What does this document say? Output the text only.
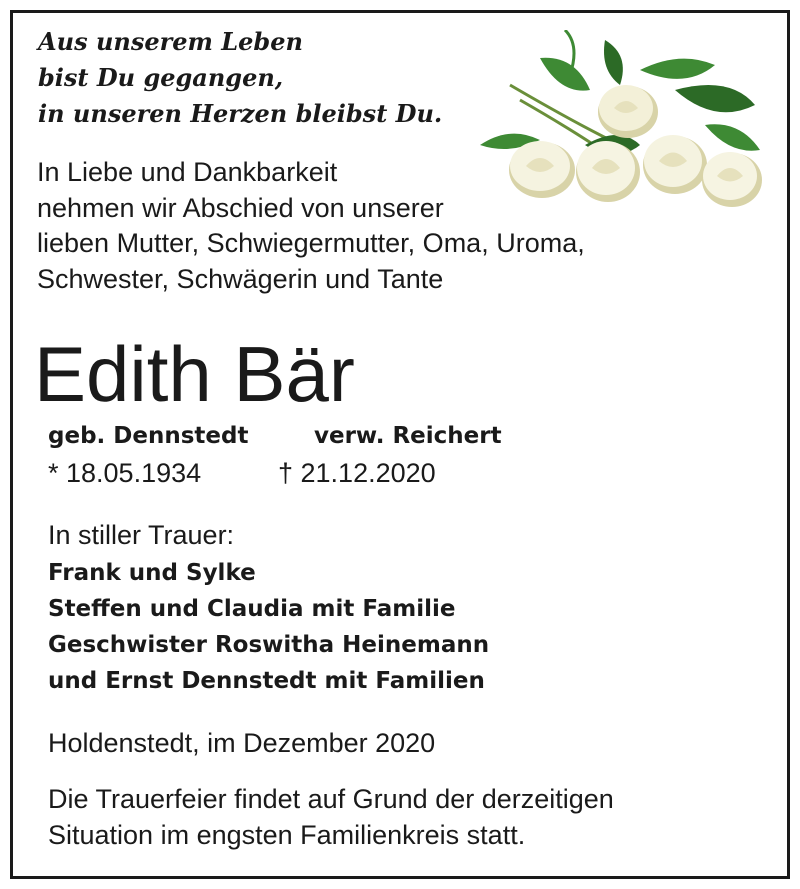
Aus unserem Leben
bist Du gegangen,
in unseren Herzen bleibst Du.
In Liebe und Dankbarkeit
nehmen wir Abschied von unserer
lieben Mutter, Schwiegermutter, Oma, Uroma,
Schwester, Schwägerin und Tante
Edith Bär
geb. Dennstedt	verw. Reichert
* 18.05.1934	† 21.12.2020
In stiller Trauer:
Frank und Sylke
Steffen und Claudia mit Familie
Geschwister Roswitha Heinemann
und Ernst Dennstedt mit Familien
Holdenstedt, im Dezember 2020
Die Trauerfeier findet auf Grund der derzeitigen
Situation im engsten Familienkreis statt.
